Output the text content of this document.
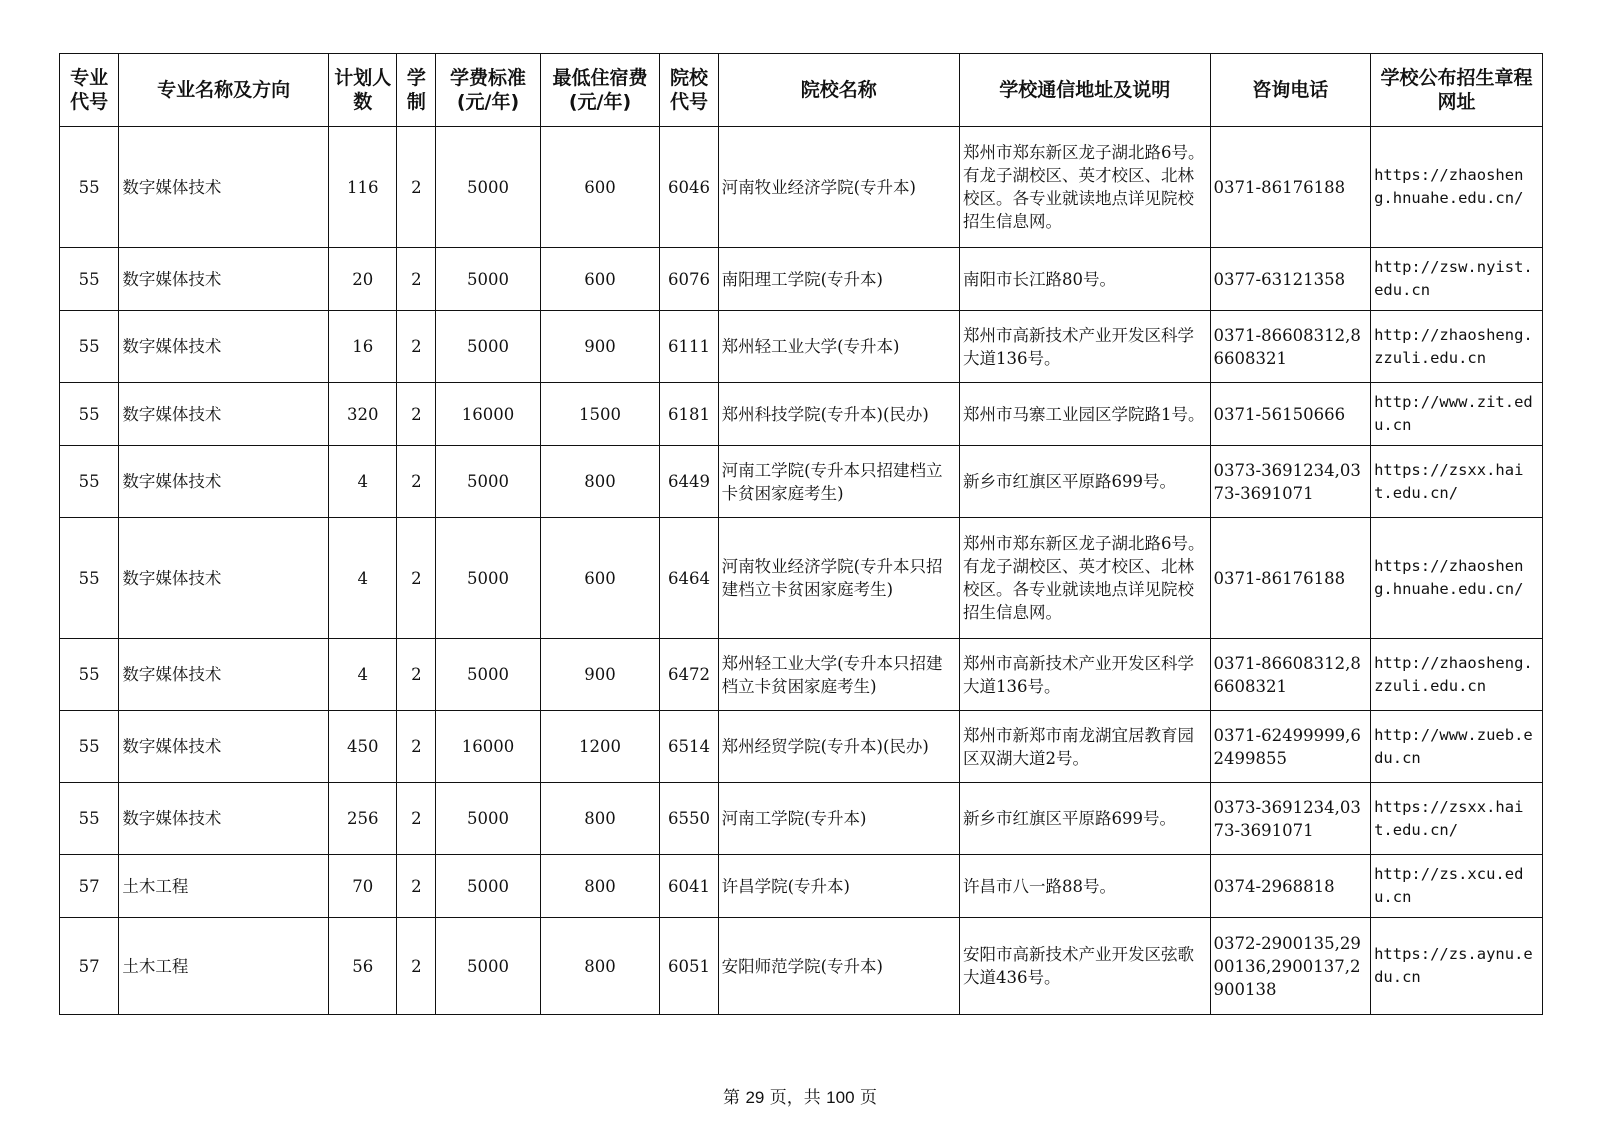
专业代号	专业名称及方向	计划人数	学制	学费标准(元/年)	最低住宿费(元/年)	院校代号	院校名称	学校通信地址及说明	咨询电话	学校公布招生章程网址
55	数字媒体技术	116	2	5000	600	6046	河南牧业经济学院(专升本)	郑州市郑东新区龙子湖北路6号。有龙子湖校区、英才校区、北林校区。各专业就读地点详见院校招生信息网。	0371-86176188	https://zhaosheng.hnuahe.edu.cn/
55	数字媒体技术	20	2	5000	600	6076	南阳理工学院(专升本)	南阳市长江路80号。	0377-63121358	http://zsw.nyist.edu.cn
55	数字媒体技术	16	2	5000	900	6111	郑州轻工业大学(专升本)	郑州市高新技术产业开发区科学大道136号。	0371-86608312,86608321	http://zhaosheng.zzuli.edu.cn
55	数字媒体技术	320	2	16000	1500	6181	郑州科技学院(专升本)(民办)	郑州市马寨工业园区学院路1号。	0371-56150666	http://www.zit.edu.cn
55	数字媒体技术	4	2	5000	800	6449	河南工学院(专升本只招建档立卡贫困家庭考生)	新乡市红旗区平原路699号。	0373-3691234,0373-3691071	https://zsxx.hait.edu.cn/
55	数字媒体技术	4	2	5000	600	6464	河南牧业经济学院(专升本只招建档立卡贫困家庭考生)	郑州市郑东新区龙子湖北路6号。有龙子湖校区、英才校区、北林校区。各专业就读地点详见院校招生信息网。	0371-86176188	https://zhaosheng.hnuahe.edu.cn/
55	数字媒体技术	4	2	5000	900	6472	郑州轻工业大学(专升本只招建档立卡贫困家庭考生)	郑州市高新技术产业开发区科学大道136号。	0371-86608312,86608321	http://zhaosheng.zzuli.edu.cn
55	数字媒体技术	450	2	16000	1200	6514	郑州经贸学院(专升本)(民办)	郑州市新郑市南龙湖宜居教育园区双湖大道2号。	0371-62499999,62499855	http://www.zueb.edu.cn
55	数字媒体技术	256	2	5000	800	6550	河南工学院(专升本)	新乡市红旗区平原路699号。	0373-3691234,0373-3691071	https://zsxx.hait.edu.cn/
57	土木工程	70	2	5000	800	6041	许昌学院(专升本)	许昌市八一路88号。	0374-2968818	http://zs.xcu.edu.cn
57	土木工程	56	2	5000	800	6051	安阳师范学院(专升本)	安阳市高新技术产业开发区弦歌大道436号。	0372-2900135,2900136,2900137,2900138	https://zs.aynu.edu.cn
第 29 页，共 100 页
